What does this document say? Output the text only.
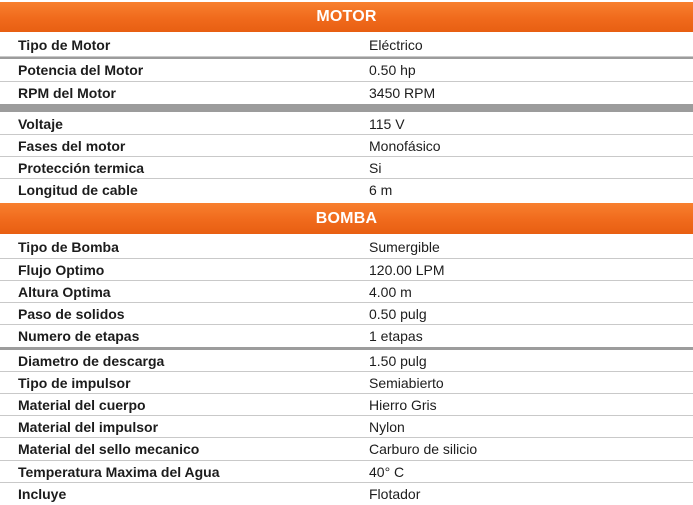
MOTOR
Tipo de Motor	Eléctrico
Potencia del Motor	0.50 hp
RPM del Motor	3450 RPM
Voltaje	115 V
Fases del motor	Monofásico
Protección termica	Si
Longitud de cable	6 m
BOMBA
Tipo de Bomba	Sumergible
Flujo Optimo	120.00 LPM
Altura Optima	4.00 m
Paso de solidos	0.50 pulg
Numero de etapas	1 etapas
Diametro de descarga	1.50 pulg
Tipo de impulsor	Semiabierto
Material del cuerpo	Hierro Gris
Material del impulsor	Nylon
Material del sello mecanico	Carburo de silicio
Temperatura Maxima del Agua	40° C
Incluye	Flotador
